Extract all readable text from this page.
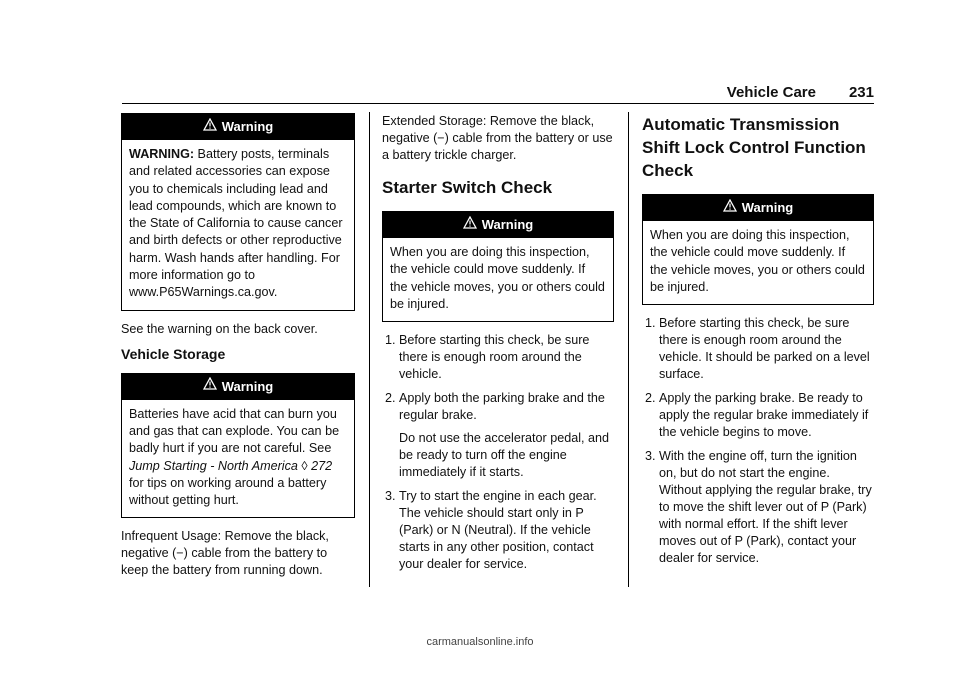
Vehicle Care 231
Warning

WARNING: Battery posts, terminals and related accessories can expose you to chemicals including lead and lead compounds, which are known to the State of California to cause cancer and birth defects or other reproductive harm. Wash hands after handling. For more information go to www.P65Warnings.ca.gov.

See the warning on the back cover.

Vehicle Storage
Warning

Batteries have acid that can burn you and gas that can explode. You can be badly hurt if you are not careful. See Jump Starting - North America ◊ 272 for tips on working around a battery without getting hurt.

Infrequent Usage: Remove the black, negative (−) cable from the battery to keep the battery from running down.

Extended Storage: Remove the black, negative (−) cable from the battery or use a battery trickle charger.

Starter Switch Check
Warning

When you are doing this inspection, the vehicle could move suddenly. If the vehicle moves, you or others could be injured.

1. Before starting this check, be sure there is enough room around the vehicle.
2. Apply both the parking brake and the regular brake.
Do not use the accelerator pedal, and be ready to turn off the engine immediately if it starts.
3. Try to start the engine in each gear. The vehicle should start only in P (Park) or N (Neutral). If the vehicle starts in any other position, contact your dealer for service.
Automatic Transmission Shift Lock Control Function Check
Warning

When you are doing this inspection, the vehicle could move suddenly. If the vehicle moves, you or others could be injured.

1. Before starting this check, be sure there is enough room around the vehicle. It should be parked on a level surface.
2. Apply the parking brake. Be ready to apply the regular brake immediately if the vehicle begins to move.
3. With the engine off, turn the ignition on, but do not start the engine. Without applying the regular brake, try to move the shift lever out of P (Park) with normal effort. If the shift lever moves out of P (Park), contact your dealer for service.
carmanualsonline.info
